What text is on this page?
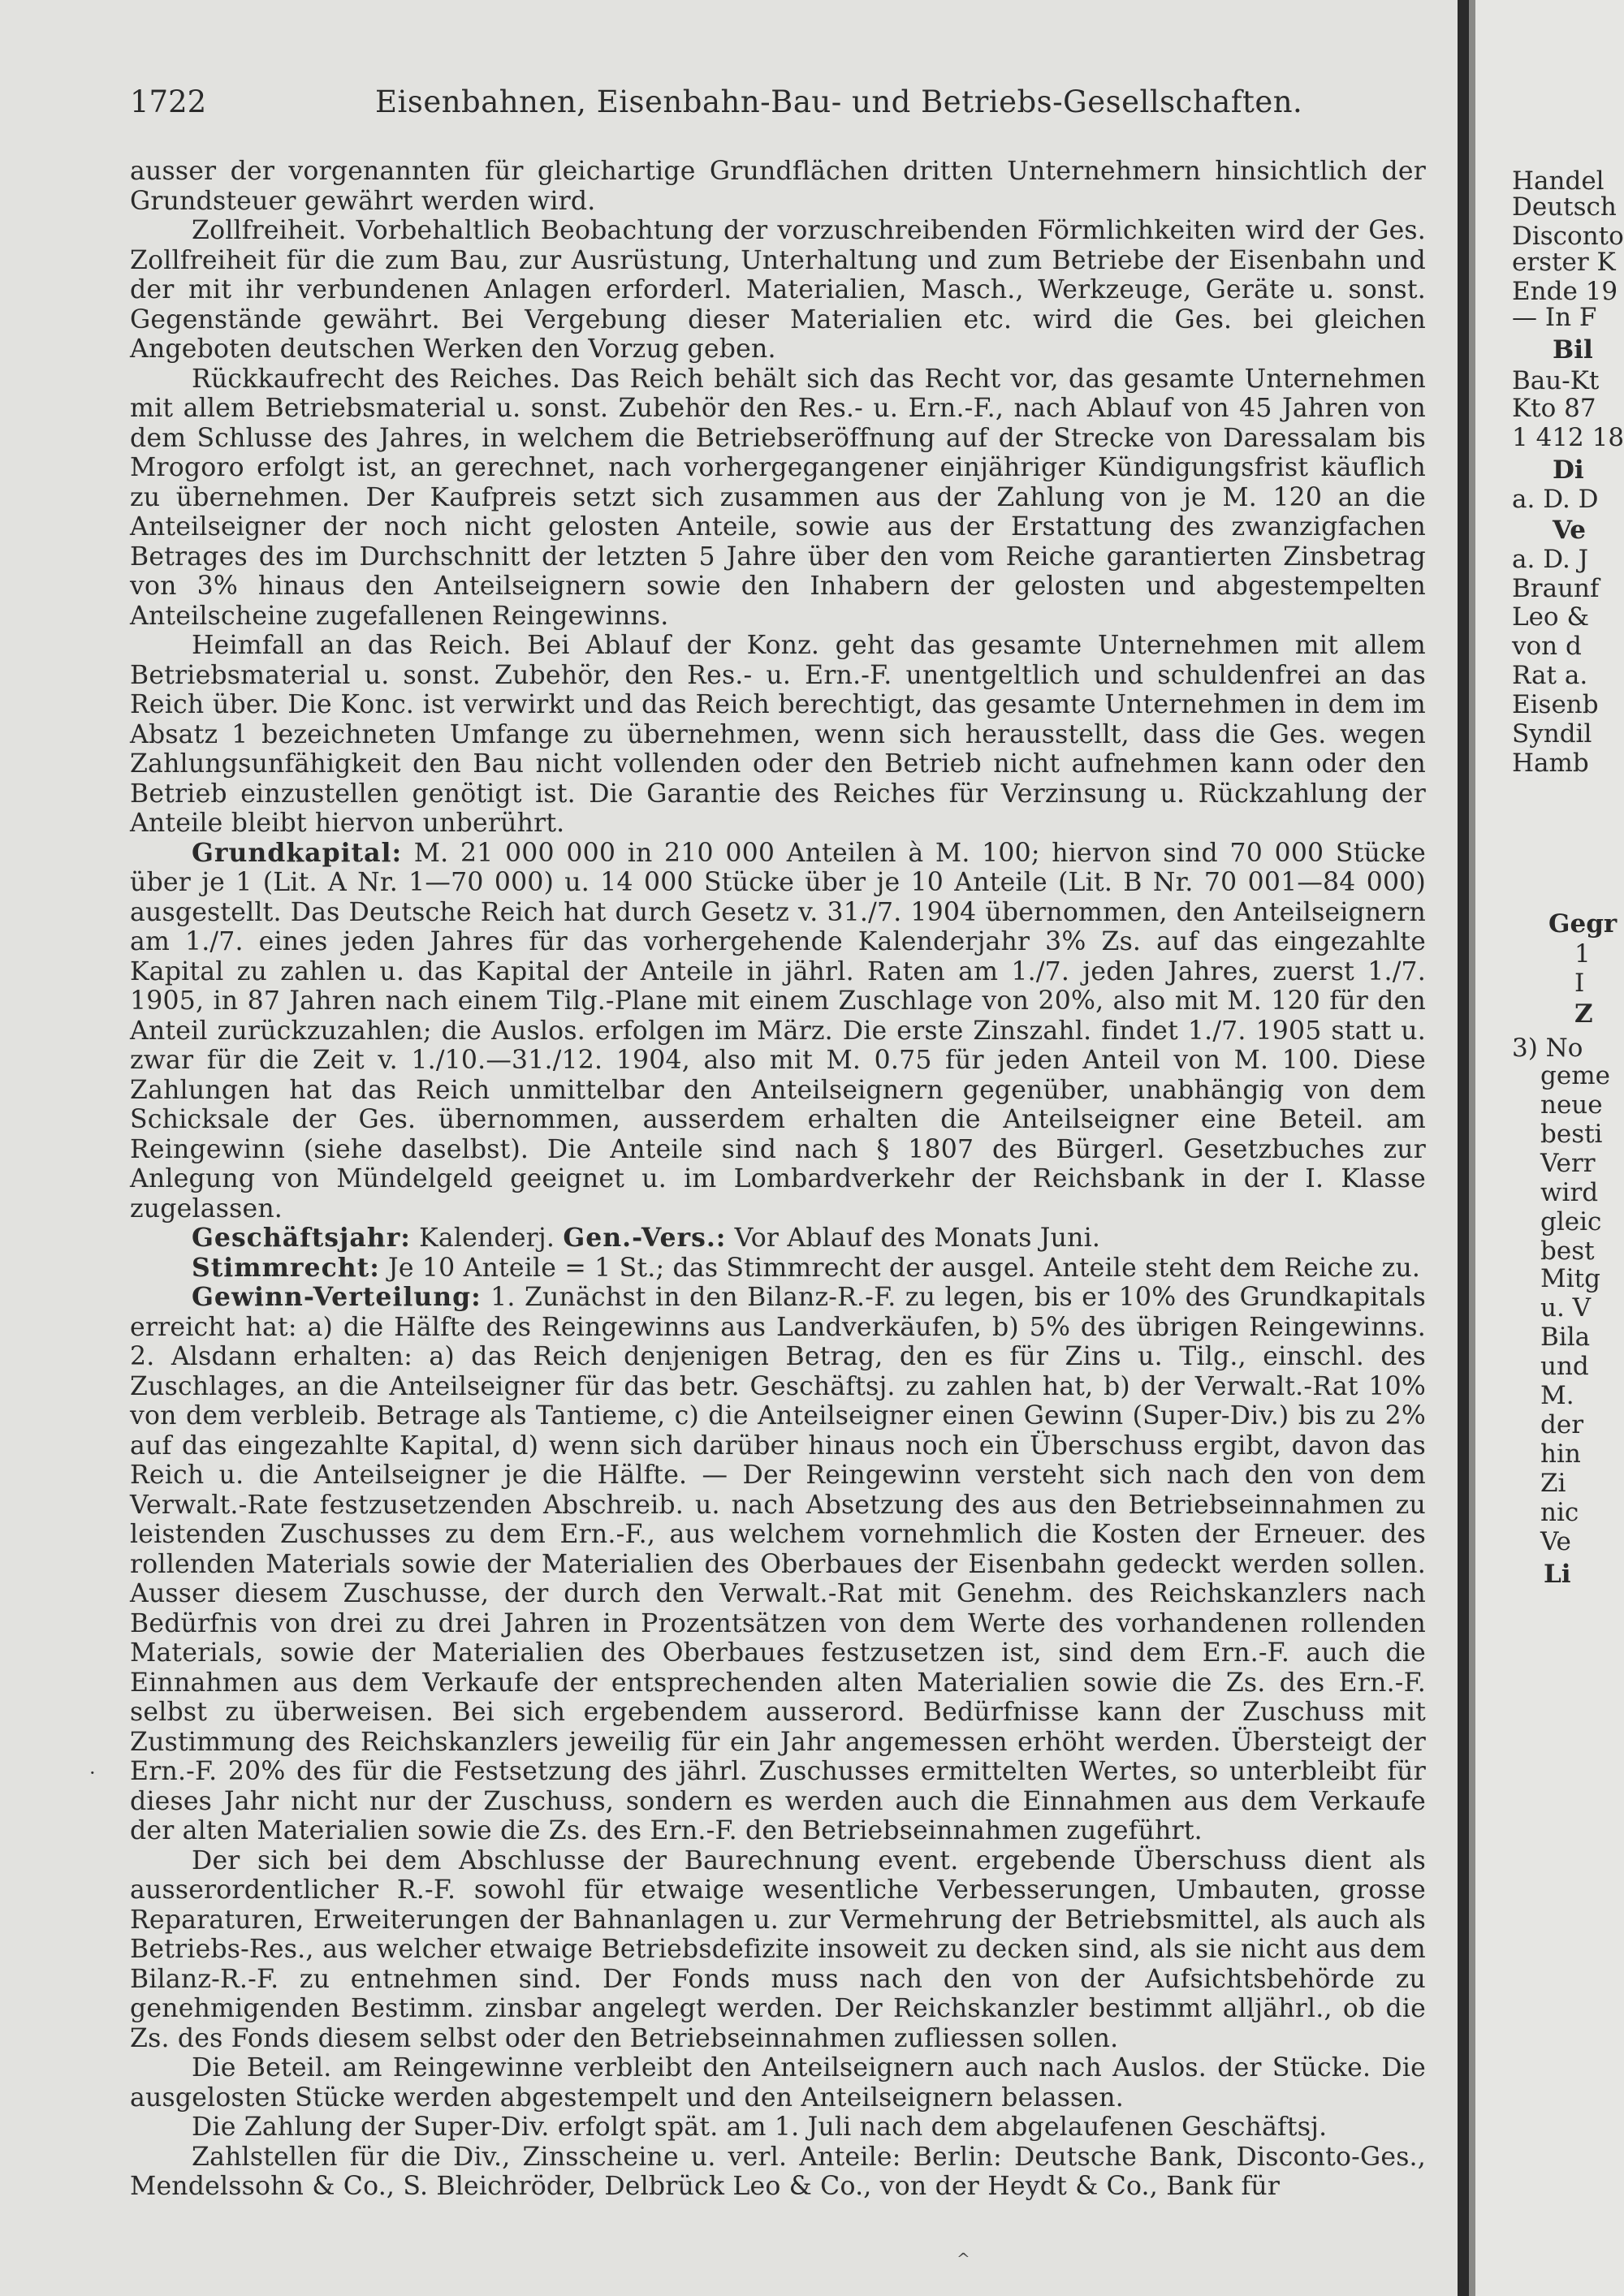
1722	Eisenbahnen, Eisenbahn-Bau- und Betriebs-Gesellschaften.

ausser der vorgenannten für gleichartige Grundflächen dritten Unternehmern hinsichtlich der Grundsteuer gewährt werden wird.

Zollfreiheit. Vorbehaltlich Beobachtung der vorzuschreibenden Förmlichkeiten wird der Ges. Zollfreiheit für die zum Bau, zur Ausrüstung, Unterhaltung und zum Betriebe der Eisenbahn und der mit ihr verbundenen Anlagen erforderl. Materialien, Masch., Werkzeuge, Geräte u. sonst. Gegenstände gewährt. Bei Vergebung dieser Materialien etc. wird die Ges. bei gleichen Angeboten deutschen Werken den Vorzug geben.

Rückkaufrecht des Reiches. Das Reich behält sich das Recht vor, das gesamte Unternehmen mit allem Betriebsmaterial u. sonst. Zubehör den Res.- u. Ern.-F., nach Ablauf von 45 Jahren von dem Schlusse des Jahres, in welchem die Betriebseröffnung auf der Strecke von Daressalam bis Mrogoro erfolgt ist, an gerechnet, nach vorhergegangener einjähriger Kündigungsfrist käuflich zu übernehmen. Der Kaufpreis setzt sich zusammen aus der Zahlung von je M. 120 an die Anteilseigner der noch nicht gelosten Anteile, sowie aus der Erstattung des zwanzigfachen Betrages des im Durchschnitt der letzten 5 Jahre über den vom Reiche garantierten Zinsbetrag von 3% hinaus den Anteilseignern sowie den Inhabern der gelosten und abgestempelten Anteilscheine zugefallenen Reingewinns.

Heimfall an das Reich. Bei Ablauf der Konz. geht das gesamte Unternehmen mit allem Betriebsmaterial u. sonst. Zubehör, den Res.- u. Ern.-F. unentgeltlich und schuldenfrei an das Reich über. Die Konc. ist verwirkt und das Reich berechtigt, das gesamte Unternehmen in dem im Absatz 1 bezeichneten Umfange zu übernehmen, wenn sich herausstellt, dass die Ges. wegen Zahlungsunfähigkeit den Bau nicht vollenden oder den Betrieb nicht aufnehmen kann oder den Betrieb einzustellen genötigt ist. Die Garantie des Reiches für Verzinsung u. Rückzahlung der Anteile bleibt hiervon unberührt.

Grundkapital: M. 21 000 000 in 210 000 Anteilen à M. 100; hiervon sind 70 000 Stücke über je 1 (Lit. A Nr. 1—70 000) u. 14 000 Stücke über je 10 Anteile (Lit. B Nr. 70 001—84 000) ausgestellt. Das Deutsche Reich hat durch Gesetz v. 31./7. 1904 übernommen, den Anteilseignern am 1./7. eines jeden Jahres für das vorhergehende Kalenderjahr 3% Zs. auf das eingezahlte Kapital zu zahlen u. das Kapital der Anteile in jährl. Raten am 1./7. jeden Jahres, zuerst 1./7. 1905, in 87 Jahren nach einem Tilg.-Plane mit einem Zuschlage von 20%, also mit M. 120 für den Anteil zurückzuzahlen; die Auslos. erfolgen im März. Die erste Zinszahl. findet 1./7. 1905 statt u. zwar für die Zeit v. 1./10.—31./12. 1904, also mit M. 0.75 für jeden Anteil von M. 100. Diese Zahlungen hat das Reich unmittelbar den Anteilseignern gegenüber, unabhängig von dem Schicksale der Ges. übernommen, ausserdem erhalten die Anteilseigner eine Beteil. am Reingewinn (siehe daselbst). Die Anteile sind nach § 1807 des Bürgerl. Gesetzbuches zur Anlegung von Mündelgeld geeignet u. im Lombardverkehr der Reichsbank in der I. Klasse zugelassen.

Geschäftsjahr: Kalenderj. Gen.-Vers.: Vor Ablauf des Monats Juni.

Stimmrecht: Je 10 Anteile = 1 St.; das Stimmrecht der ausgel. Anteile steht dem Reiche zu.

Gewinn-Verteilung: 1. Zunächst in den Bilanz-R.-F. zu legen, bis er 10% des Grundkapitals erreicht hat: a) die Hälfte des Reingewinns aus Landverkäufen, b) 5% des übrigen Reingewinns. 2. Alsdann erhalten: a) das Reich denjenigen Betrag, den es für Zins u. Tilg., einschl. des Zuschlages, an die Anteilseigner für das betr. Geschäftsj. zu zahlen hat, b) der Verwalt.-Rat 10% von dem verbleib. Betrage als Tantieme, c) die Anteilseigner einen Gewinn (Super-Div.) bis zu 2% auf das eingezahlte Kapital, d) wenn sich darüber hinaus noch ein Überschuss ergibt, davon das Reich u. die Anteilseigner je die Hälfte. — Der Reingewinn versteht sich nach den von dem Verwalt.-Rate festzusetzenden Abschreib. u. nach Absetzung des aus den Betriebseinnahmen zu leistenden Zuschusses zu dem Ern.-F., aus welchem vornehmlich die Kosten der Erneuer. des rollenden Materials sowie der Materialien des Oberbaues der Eisenbahn gedeckt werden sollen. Ausser diesem Zuschusse, der durch den Verwalt.-Rat mit Genehm. des Reichskanzlers nach Bedürfnis von drei zu drei Jahren in Prozentsätzen von dem Werte des vorhandenen rollenden Materials, sowie der Materialien des Oberbaues festzusetzen ist, sind dem Ern.-F. auch die Einnahmen aus dem Verkaufe der entsprechenden alten Materialien sowie die Zs. des Ern.-F. selbst zu überweisen. Bei sich ergebendem ausserord. Bedürfnisse kann der Zuschuss mit Zustimmung des Reichskanzlers jeweilig für ein Jahr angemessen erhöht werden. Übersteigt der Ern.-F. 20% des für die Festsetzung des jährl. Zuschusses ermittelten Wertes, so unterbleibt für dieses Jahr nicht nur der Zuschuss, sondern es werden auch die Einnahmen aus dem Verkaufe der alten Materialien sowie die Zs. des Ern.-F. den Betriebseinnahmen zugeführt.

Der sich bei dem Abschlusse der Baurechnung event. ergebende Überschuss dient als ausserordentlicher R.-F. sowohl für etwaige wesentliche Verbesserungen, Umbauten, grosse Reparaturen, Erweiterungen der Bahnanlagen u. zur Vermehrung der Betriebsmittel, als auch als Betriebs-Res., aus welcher etwaige Betriebsdefizite insoweit zu decken sind, als sie nicht aus dem Bilanz-R.-F. zu entnehmen sind. Der Fonds muss nach den von der Aufsichtsbehörde zu genehmigenden Bestimm. zinsbar angelegt werden. Der Reichskanzler bestimmt alljährl., ob die Zs. des Fonds diesem selbst oder den Betriebseinnahmen zufliessen sollen.

Die Beteil. am Reingewinne verbleibt den Anteilseignern auch nach Auslos. der Stücke. Die ausgelosten Stücke werden abgestempelt und den Anteilseignern belassen.

Die Zahlung der Super-Div. erfolgt spät. am 1. Juli nach dem abgelaufenen Geschäftsj.

Zahlstellen für die Div., Zinsscheine u. verl. Anteile: Berlin: Deutsche Bank, Disconto-Ges., Mendelssohn & Co., S. Bleichröder, Delbrück Leo & Co., von der Heydt & Co., Bank für

·
^
Handel
Deutsch
Disconto
erster K
Ende 19
— In F
Bil
Bau-Kt
Kto 87
1 412 18
Di
a. D. D
Ve
a. D. J
Braunf
Leo &
von d
Rat a.
Eisenb
Syndil
Hamb
Gegr
1
I
Z
3) No
geme
neue
besti
Verr
wird
gleic
best
Mitg
u. V
Bila
und
M.
der
hin
Zi
nic
Ve
Li
